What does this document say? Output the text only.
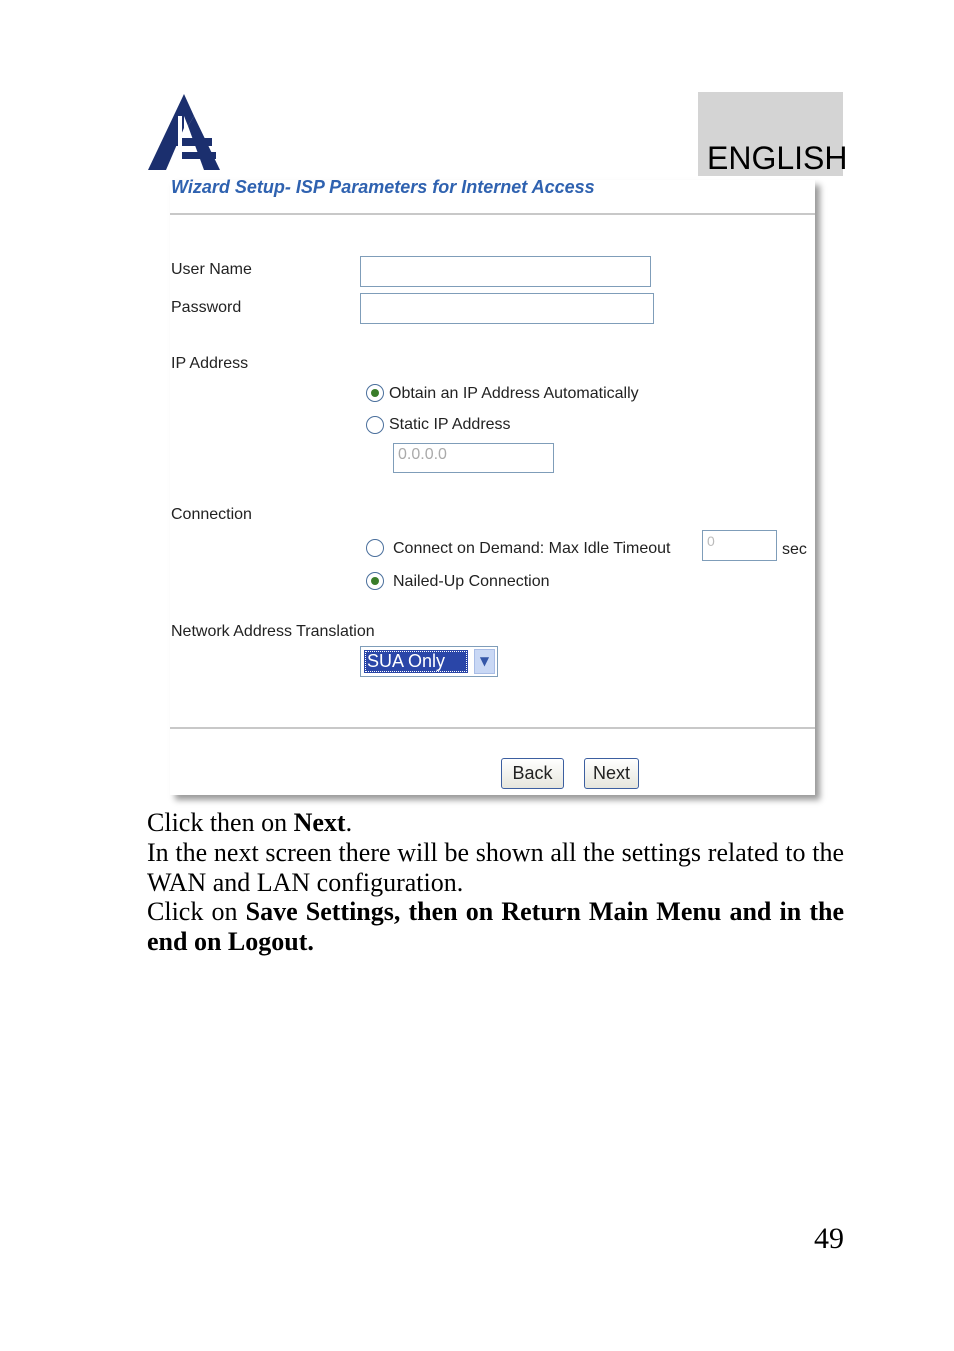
ENGLISH
Wizard Setup- ISP Parameters for Internet Access
User Name
Password
IP Address
Obtain an IP Address Automatically
Static IP Address
0.0.0.0
Connection
Connect on Demand: Max Idle Timeout	0	sec
Nailed-Up Connection
Network Address Translation
SUA Only	▼
Back	Next
Click then on Next.
In the next screen there will be shown all the settings related to the WAN and LAN configuration.
Click on Save Settings, then on Return Main Menu and in the end on Logout.
49
